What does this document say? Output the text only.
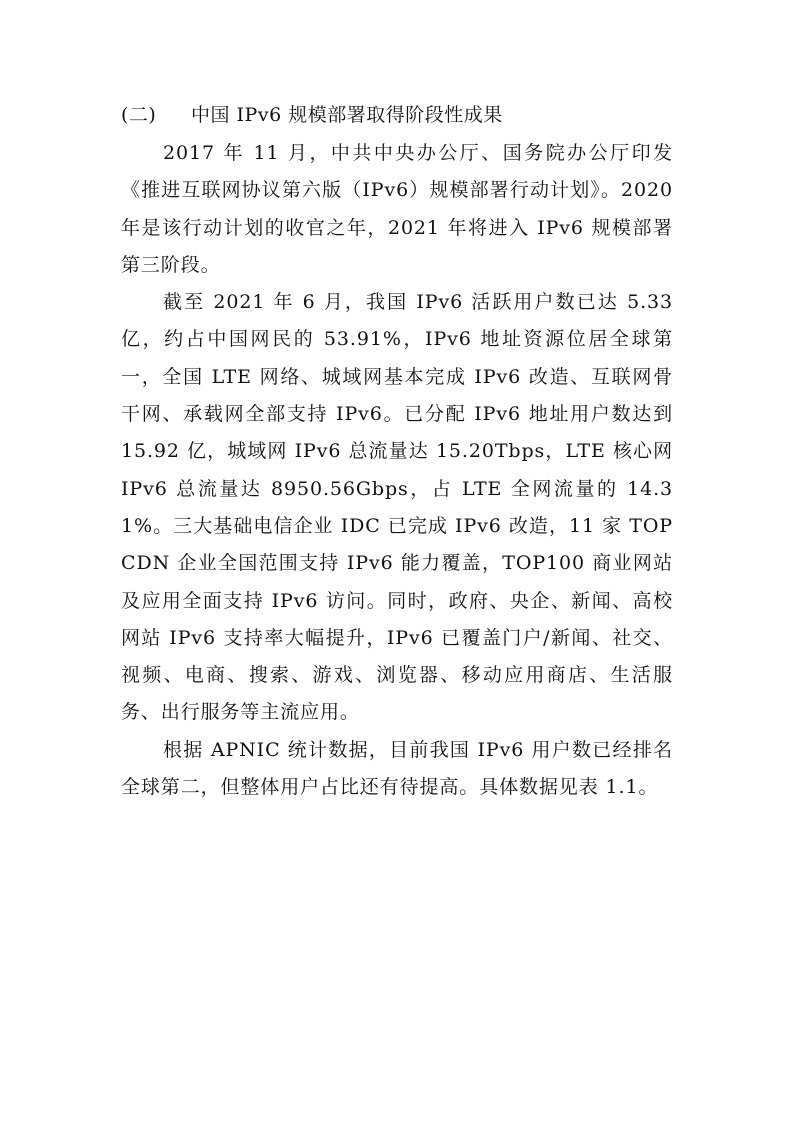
(二) 中国 IPv6 规模部署取得阶段性成果

2017 年 11 月，中共中央办公厅、国务院办公厅印发《推进互联网协议第六版（IPv6）规模部署行动计划》。2020 年是该行动计划的收官之年，2021 年将进入 IPv6 规模部署第三阶段。

截至 2021 年 6 月，我国 IPv6 活跃用户数已达 5.33 亿，约占中国网民的 53.91%，IPv6 地址资源位居全球第一，全国 LTE 网络、城域网基本完成 IPv6 改造、互联网骨干网、承载网全部支持 IPv6。已分配 IPv6 地址用户数达到 15.92 亿，城域网 IPv6 总流量达 15.20Tbps，LTE 核心网 IPv6 总流量达 8950.56Gbps，占 LTE 全网流量的 14.31%。三大基础电信企业 IDC 已完成 IPv6 改造，11 家 TOP CDN 企业全国范围支持 IPv6 能力覆盖，TOP100 商业网站及应用全面支持 IPv6 访问。同时，政府、央企、新闻、高校网站 IPv6 支持率大幅提升，IPv6 已覆盖门户/新闻、社交、视频、电商、搜索、游戏、浏览器、移动应用商店、生活服务、出行服务等主流应用。

根据 APNIC 统计数据，目前我国 IPv6 用户数已经排名全球第二，但整体用户占比还有待提高。具体数据见表 1.1。
